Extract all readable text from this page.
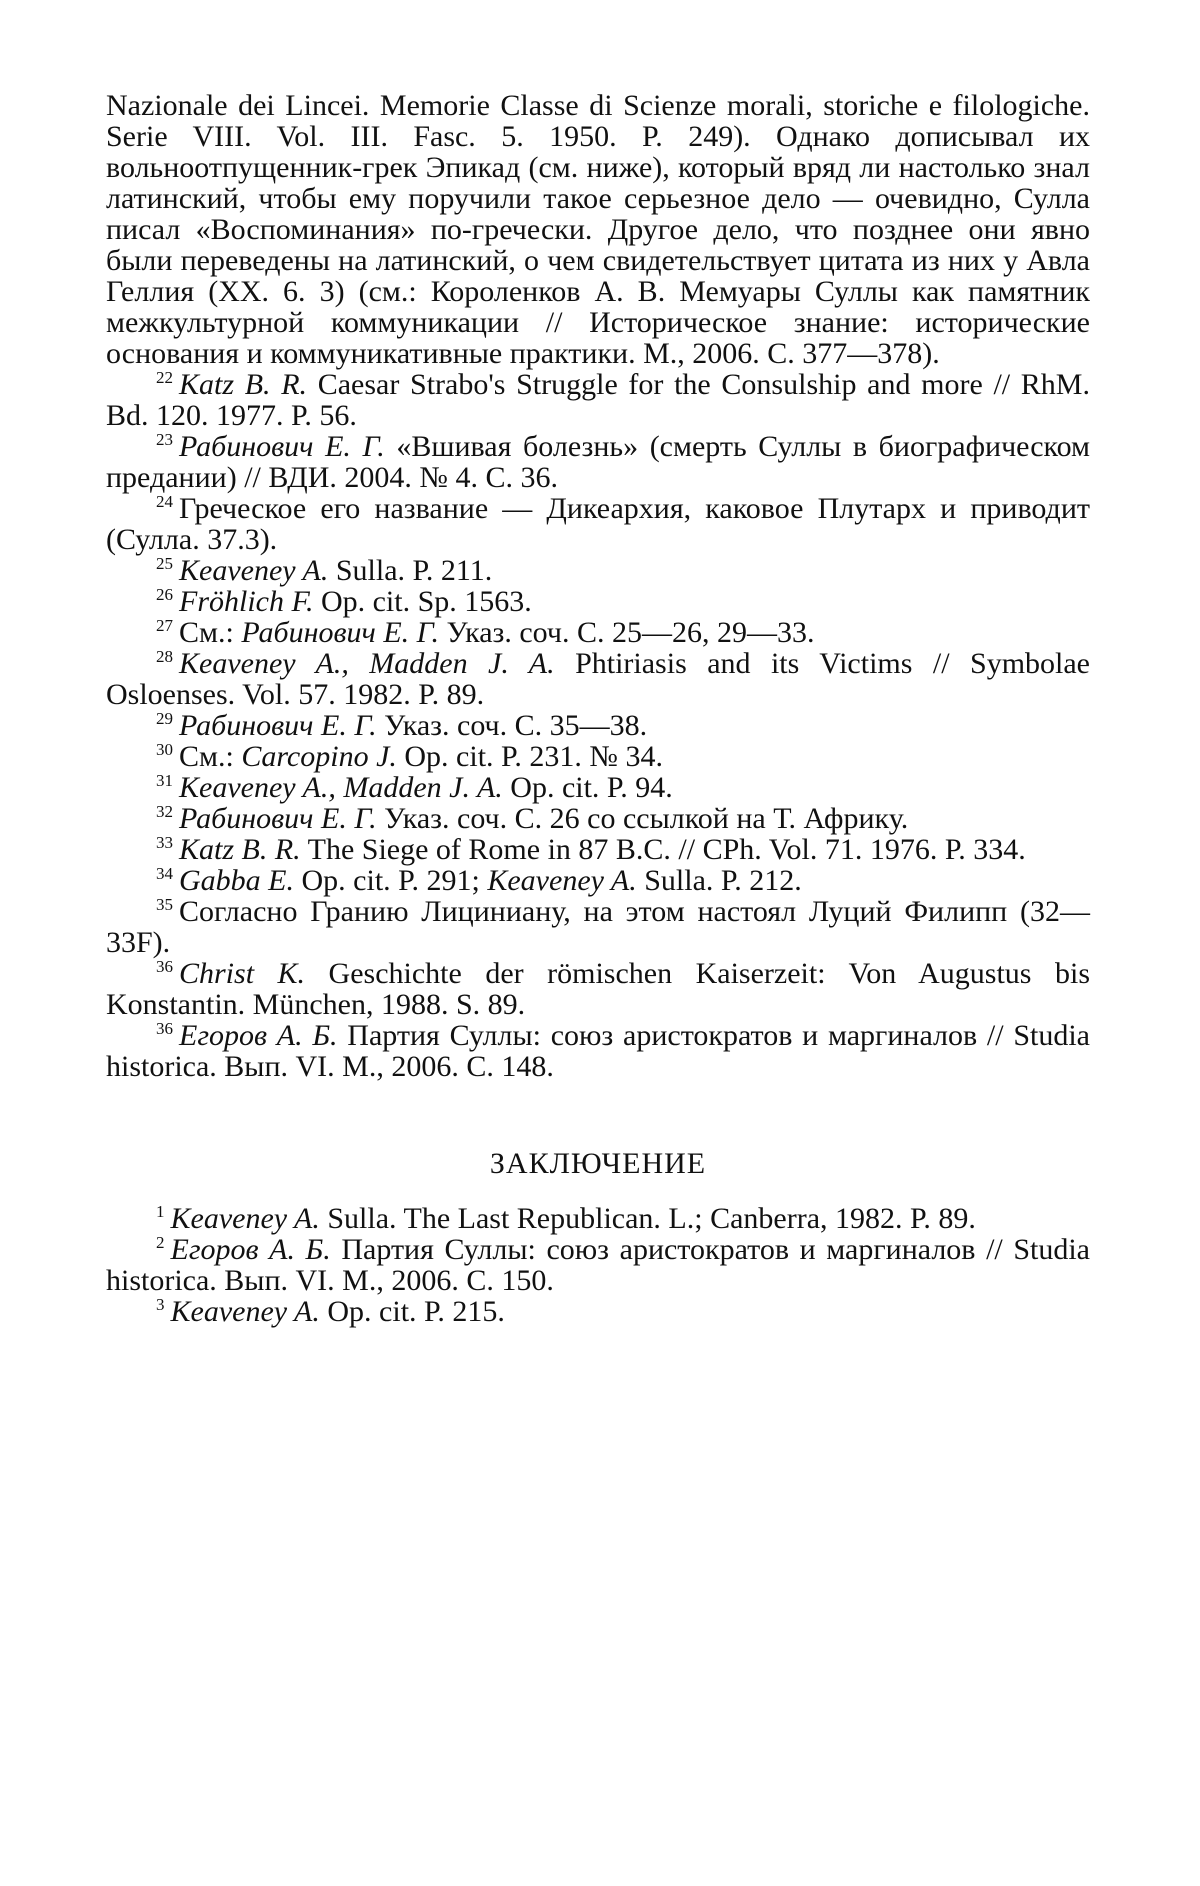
Nazionale dei Lincei. Memorie Classe di Scienze morali, storiche e filologiche. Serie VIII. Vol. III. Fasc. 5. 1950. P. 249). Однако дописывал их вольноотпущенник-грек Эпикад (см. ниже), который вряд ли настолько знал латинский, чтобы ему поручили такое серьезное дело — очевидно, Сулла писал «Воспоминания» по-гречески. Другое дело, что позднее они явно были переведены на латинский, о чем свидетельствует цитата из них у Авла Геллия (XX. 6. 3) (см.: Короленков А. В. Мемуары Суллы как памятник межкультурной коммуникации // Историческое знание: исторические основания и коммуникативные практики. М., 2006. С. 377—378).

$^{22}$ Katz B. R. Caesar Strabo's Struggle for the Consulship and more // RhM. Bd. 120. 1977. P. 56.

$^{23}$ Рабинович Е. Г. «Вшивая болезнь» (смерть Суллы в биографическом предании) // ВДИ. 2004. № 4. С. 36.

$^{24}$ Греческое его название — Дикеархия, каковое Плутарх и приводит (Сулла. 37.3).

$^{25}$ Keaveney A. Sulla. P. 211.

$^{26}$ Fröhlich F. Op. cit. Sp. 1563.

$^{27}$ См.: Рабинович Е. Г. Указ. соч. С. 25—26, 29—33.

$^{28}$ Keaveney A., Madden J. A. Phtiriasis and its Victims // Symbolae Osloenses. Vol. 57. 1982. P. 89.

$^{29}$ Рабинович Е. Г. Указ. соч. С. 35—38.

$^{30}$ См.: Carcopino J. Op. cit. P. 231. № 34.

$^{31}$ Keaveney A., Madden J. A. Op. cit. P. 94.

$^{32}$ Рабинович Е. Г. Указ. соч. С. 26 со ссылкой на Т. Африку.

$^{33}$ Katz B. R. The Siege of Rome in 87 B.C. // CPh. Vol. 71. 1976. P. 334.

$^{34}$ Gabba E. Op. cit. P. 291; Keaveney A. Sulla. P. 212.

$^{35}$ Согласно Гранию Лициниану, на этом настоял Луций Филипп (32—33F).

$^{36}$ Christ K. Geschichte der römischen Kaiserzeit: Von Augustus bis Konstantin. München, 1988. S. 89.

$^{36}$ Егоров А. Б. Партия Суллы: союз аристократов и маргиналов // Studia historica. Вып. VI. М., 2006. С. 148.

ЗАКЛЮЧЕНИЕ

$^1$ Keaveney A. Sulla. The Last Republican. L.; Canberra, 1982. P. 89.

$^2$ Егоров А. Б. Партия Суллы: союз аристократов и маргиналов // Studia historica. Вып. VI. М., 2006. С. 150.

$^3$ Keaveney A. Op. cit. P. 215.
